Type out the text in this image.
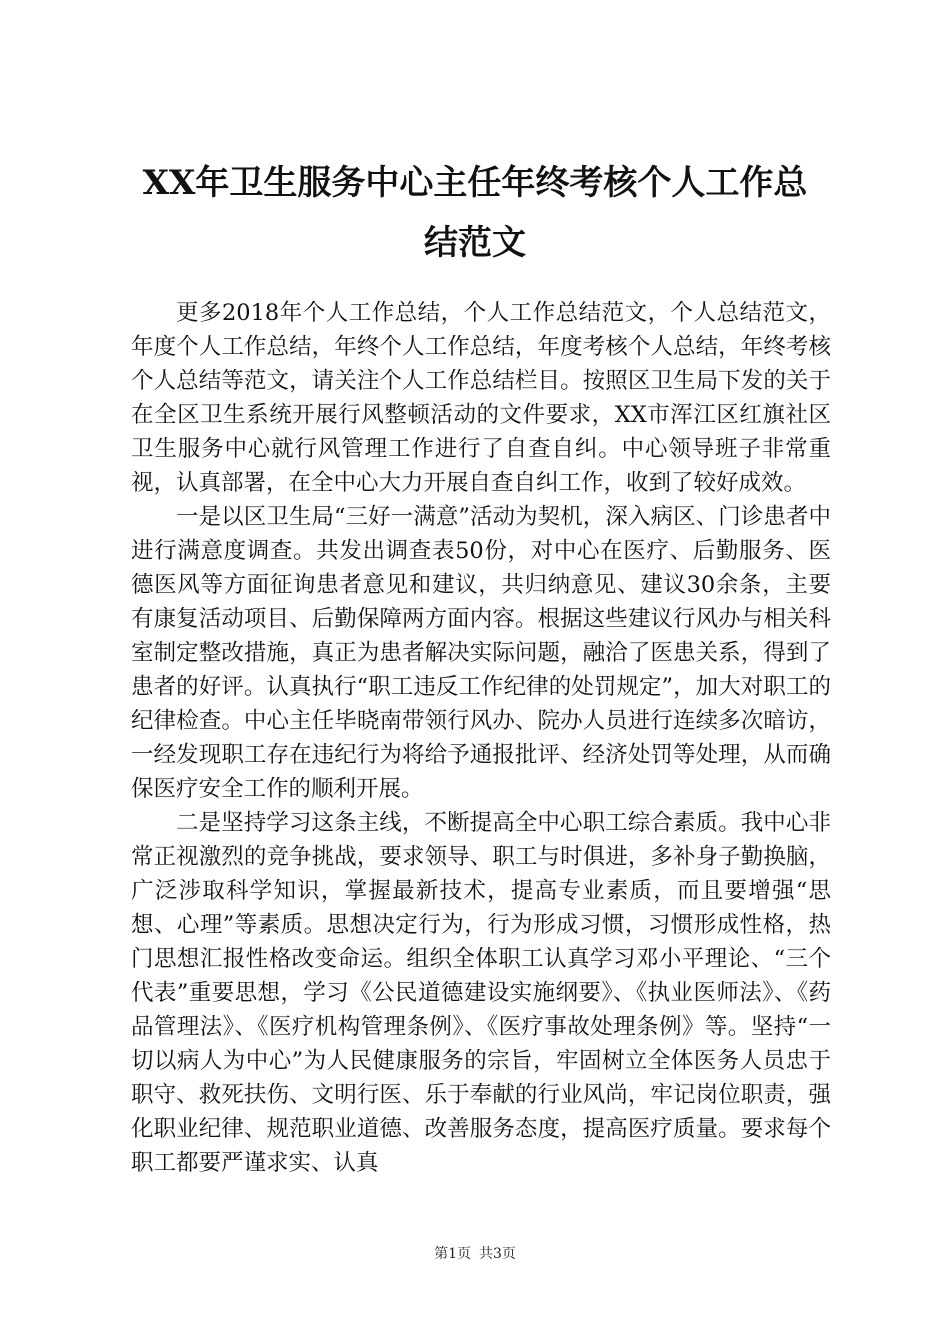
XX年卫生服务中心主任年终考核个人工作总
结范文

更多2018年个人工作总结，个人工作总结范文，个人总结范文，年度个人工作总结，年终个人工作总结，年度考核个人总结，年终考核个人总结等范文，请关注个人工作总结栏目。按照区卫生局下发的关于在全区卫生系统开展行风整顿活动的文件要求，XX市浑江区红旗社区卫生服务中心就行风管理工作进行了自查自纠。中心领导班子非常重视，认真部署，在全中心大力开展自查自纠工作，收到了较好成效。

一是以区卫生局“三好一满意”活动为契机，深入病区、门诊患者中进行满意度调查。共发出调查表50份，对中心在医疗、后勤服务、医德医风等方面征询患者意见和建议，共归纳意见、建议30余条，主要有康复活动项目、后勤保障两方面内容。根据这些建议行风办与相关科室制定整改措施，真正为患者解决实际问题，融洽了医患关系，得到了患者的好评。认真执行“职工违反工作纪律的处罚规定”，加大对职工的纪律检查。中心主任毕晓南带领行风办、院办人员进行连续多次暗访，一经发现职工存在违纪行为将给予通报批评、经济处罚等处理，从而确保医疗安全工作的顺利开展。

二是坚持学习这条主线，不断提高全中心职工综合素质。我中心非常正视激烈的竞争挑战，要求领导、职工与时俱进，多补身子勤换脑，广泛涉取科学知识，掌握最新技术，提高专业素质，而且要增强“思想、心理”等素质。思想决定行为，行为形成习惯，习惯形成性格，热门思想汇报性格改变命运。组织全体职工认真学习邓小平理论、“三个代表”重要思想，学习《公民道德建设实施纲要》、《执业医师法》、《药品管理法》、《医疗机构管理条例》、《医疗事故处理条例》等。坚持“一切以病人为中心”为人民健康服务的宗旨，牢固树立全体医务人员忠于职守、救死扶伤、文明行医、乐于奉献的行业风尚，牢记岗位职责，强化职业纪律、规范职业道德、改善服务态度，提高医疗质量。要求每个职工都要严谨求实、认真

第1页 共3页
